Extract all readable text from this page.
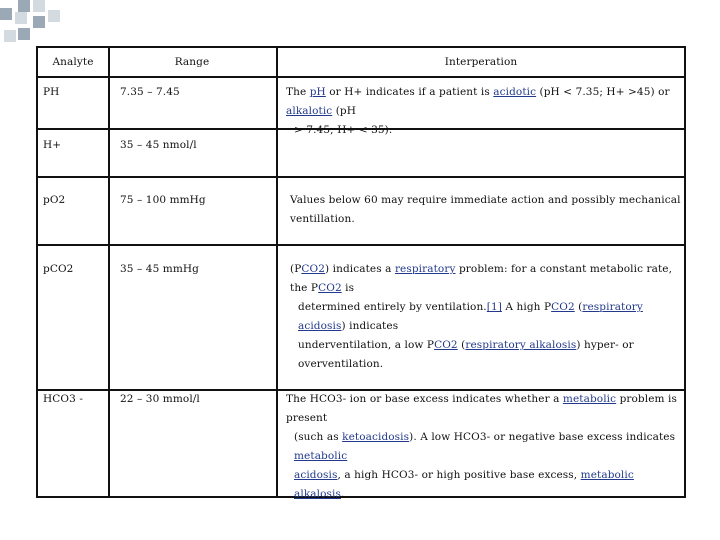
Analyte	Range	Interperation
PH	7.35 – 7.45	The pH or H+ indicates if a patient is acidotic (pH < 7.35; H+ >45) or alkalotic (pH
> 7.45; H+ < 35).
H+	35 – 45 nmol/l
pO2	75 – 100 mmHg	Values below 60 may require immediate action and possibly mechanical ventillation.
pCO2	35 – 45 mmHg	(PCO2) indicates a respiratory problem: for a constant metabolic rate, the PCO2 is
determined entirely by ventilation.[1] A high PCO2 (respiratory acidosis) indicates
underventilation, a low PCO2 (respiratory alkalosis) hyper- or overventilation.
HCO3 -	22 – 30 mmol/l	The HCO3- ion or base excess indicates whether a metabolic problem is present
(such as ketoacidosis). A low HCO3- or negative base excess indicates metabolic
acidosis, a high HCO3- or high positive base excess, metabolic alkalosis.
